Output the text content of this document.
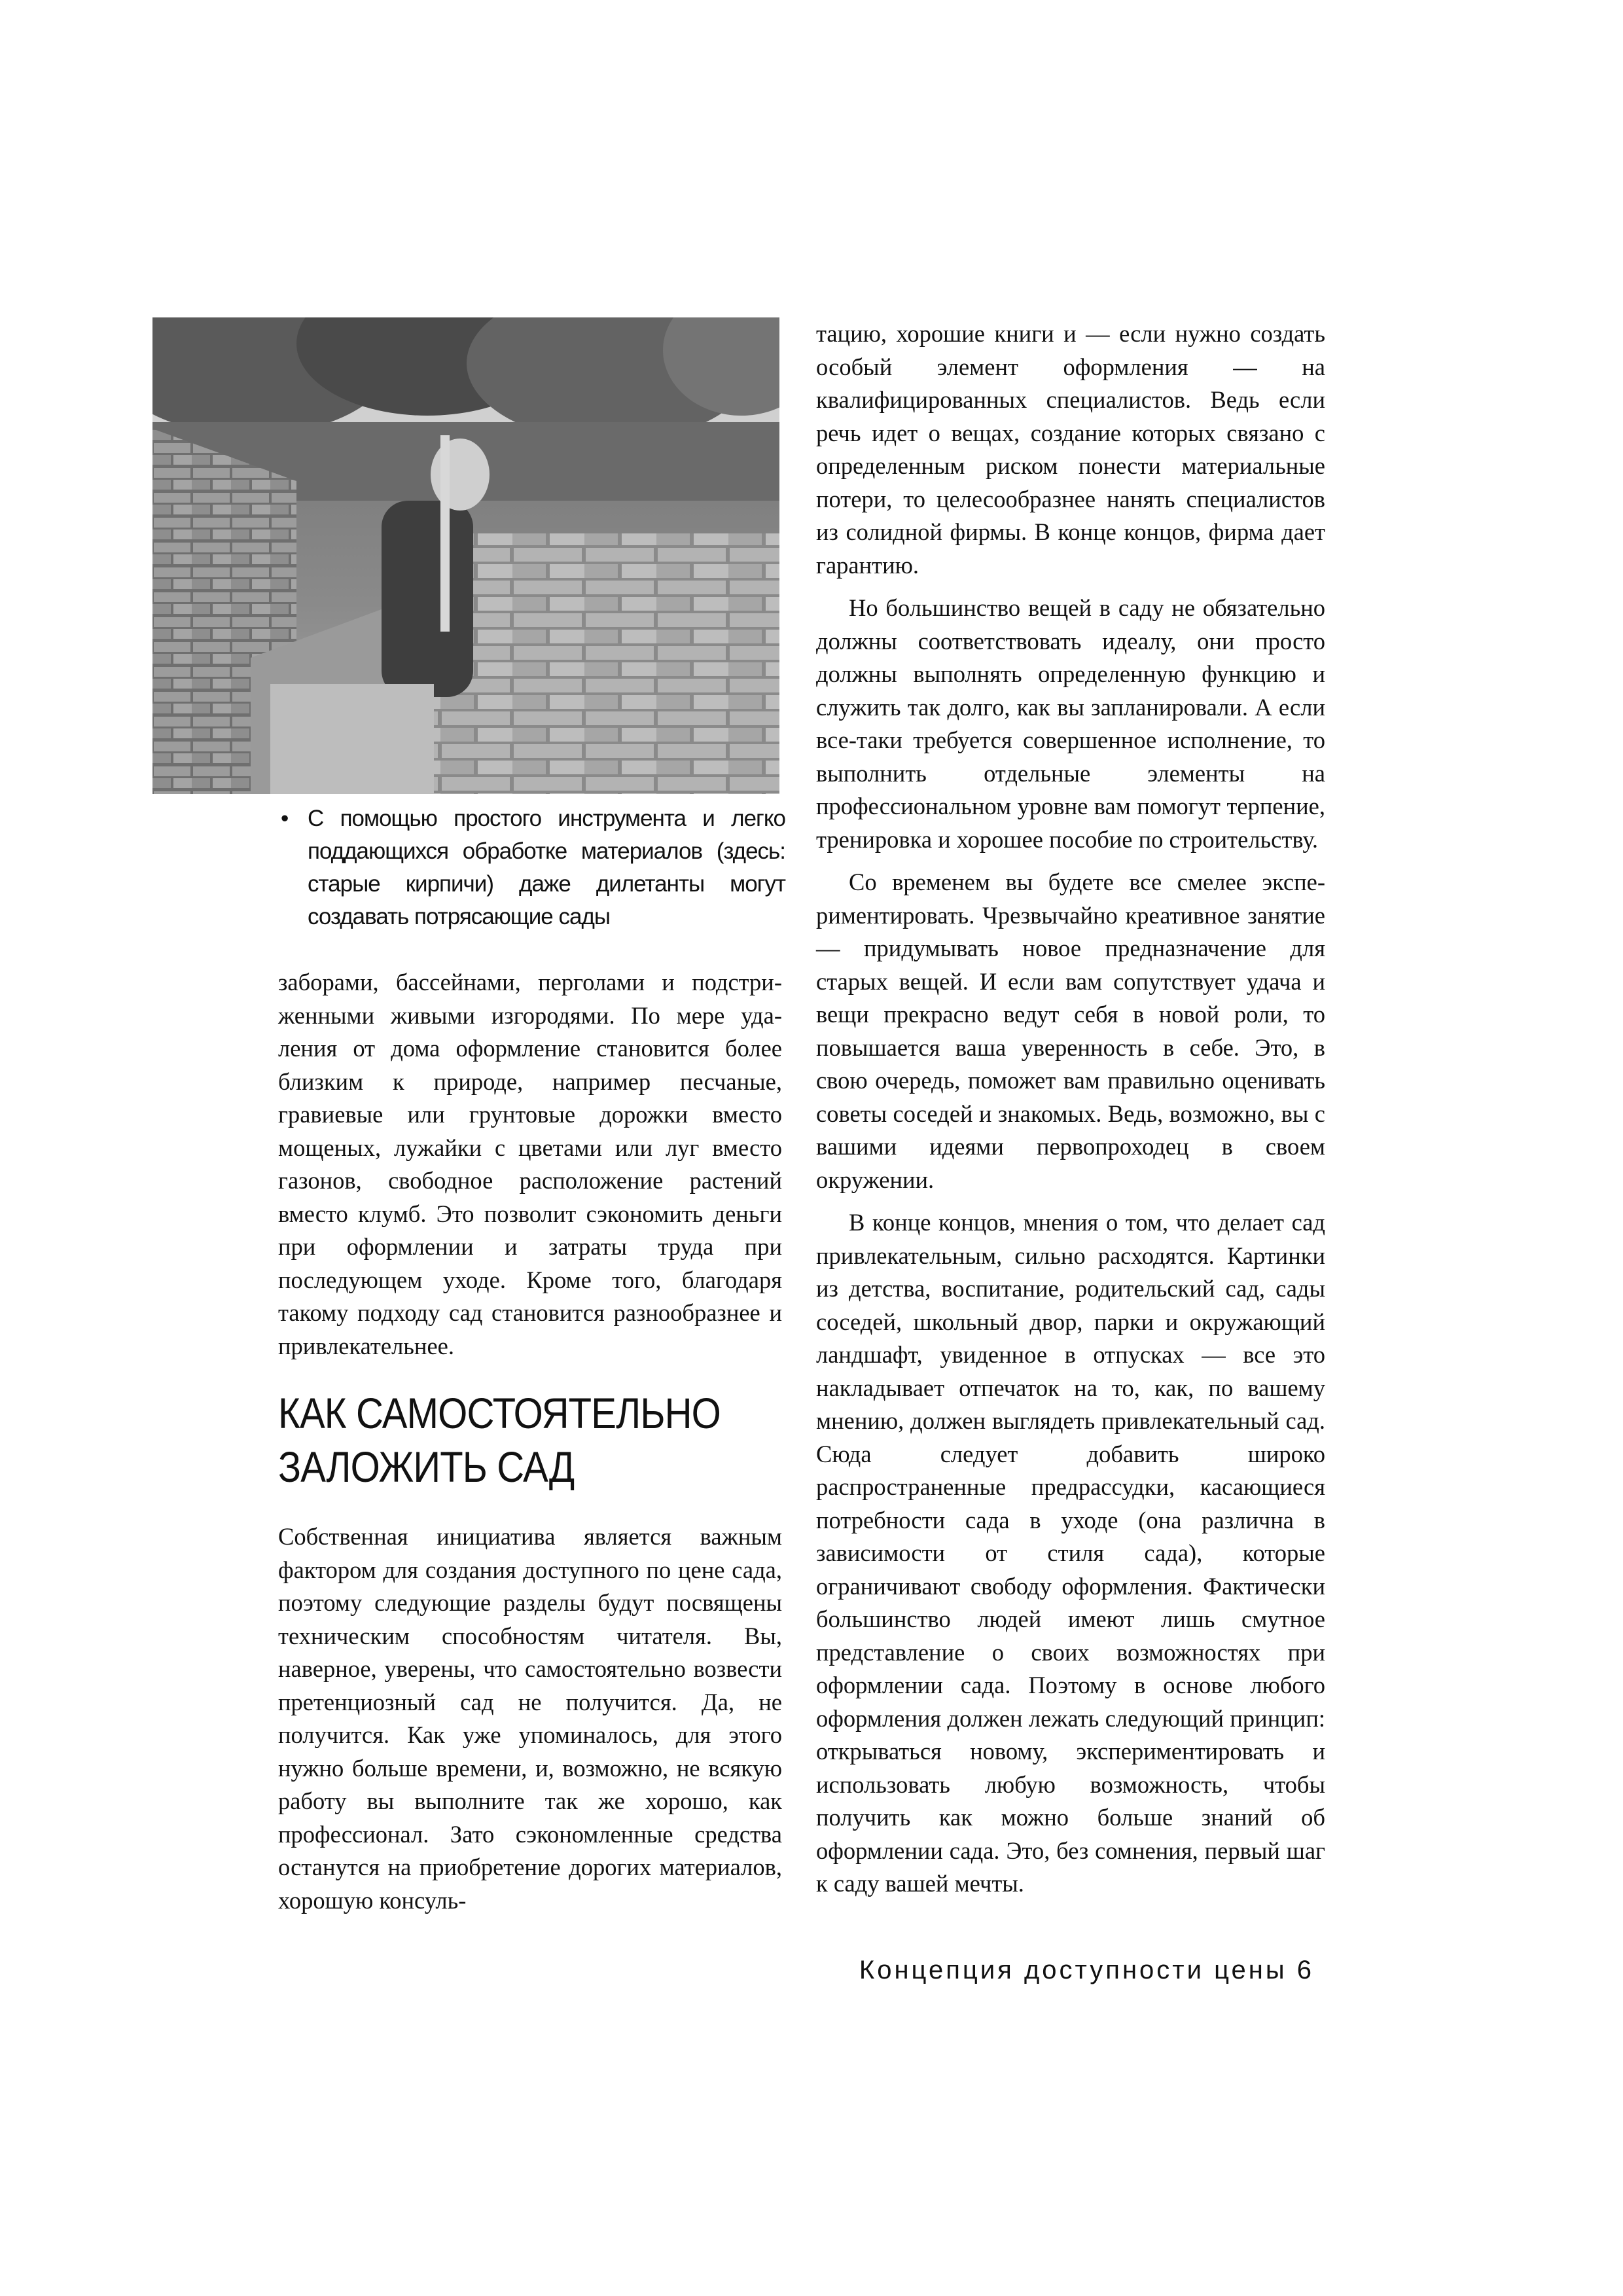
• С помощью простого инструмента и легко поддающихся обработке материалов (здесь: старые кирпичи) даже дилетанты могут создавать потрясающие сады

заборами, бассейнами, перголами и подстриженными живыми изгородями. По мере удаления от дома оформление становится более близким к природе, например песчаные, гравиевые или грунтовые дорожки вместо мощеных, лужайки с цветами или луг вместо газонов, свободное расположение растений вместо клумб. Это позволит сэкономить деньги при оформлении и затраты труда при последующем уходе. Кроме того, благодаря такому подходу сад становится разнообразнее и привлекательнее.

КАК САМОСТОЯТЕЛЬНО ЗАЛОЖИТЬ САД

Собственная инициатива является важным фактором для создания доступного по цене сада, поэтому следующие разделы будут посвящены техническим способностям читателя. Вы, наверное, уверены, что самостоятельно возвести претенциозный сад не получится. Да, не получится. Как уже упоминалось, для этого нужно больше времени, и, возможно, не всякую работу вы выполните так же хорошо, как профессионал. Зато сэкономленные средства останутся на приобретение дорогих материалов, хорошую консуль-

тацию, хорошие книги и — если нужно создать особый элемент оформления — на квалифицированных специалистов. Ведь если речь идет о вещах, создание которых связано с определенным риском понести материальные потери, то целесообразнее нанять специалистов из солидной фирмы. В конце концов, фирма дает гарантию.

Но большинство вещей в саду не обязательно должны соответствовать идеалу, они просто должны выполнять определенную функцию и служить так долго, как вы запланировали. А если все-таки требуется совершенное исполнение, то выполнить отдельные элементы на профессиональном уровне вам помогут терпение, тренировка и хорошее пособие по строительству.

Со временем вы будете все смелее экспериментировать. Чрезвычайно креативное занятие — придумывать новое предназначение для старых вещей. И если вам сопутствует удача и вещи прекрасно ведут себя в новой роли, то повышается ваша уверенность в себе. Это, в свою очередь, поможет вам правильно оценивать советы соседей и знакомых. Ведь, возможно, вы с вашими идеями первопроходец в своем окружении.

В конце концов, мнения о том, что делает сад привлекательным, сильно расходятся. Картинки из детства, воспитание, родительский сад, сады соседей, школьный двор, парки и окружающий ландшафт, увиденное в отпусках — все это накладывает отпечаток на то, как, по вашему мнению, должен выглядеть привлекательный сад. Сюда следует добавить широко распространенные предрассудки, касающиеся потребности сада в уходе (она различна в зависимости от стиля сада), которые ограничивают свободу оформления. Фактически большинство людей имеют лишь смутное представление о своих возможностях при оформлении сада. Поэтому в основе любого оформления должен лежать следующий принцип: открываться новому, экспериментировать и использовать любую возможность, чтобы получить как можно больше знаний об оформлении сада. Это, без сомнения, первый шаг к саду вашей мечты.

Концепция доступности цены 6
